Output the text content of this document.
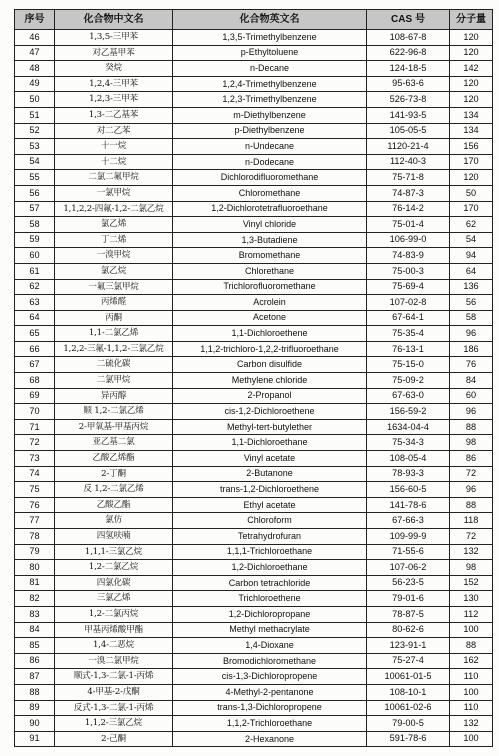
序号	化合物中文名	化合物英文名	CAS 号	分子量
46	1,3,5-三甲苯	1,3,5-Trimethylbenzene	108-67-8	120
47	对乙基甲苯	p-Ethyltoluene	622-96-8	120
48	癸烷	n-Decane	124-18-5	142
49	1,2,4-三甲苯	1,2,4-Trimethylbenzene	95-63-6	120
50	1,2,3-三甲苯	1,2,3-Trimethylbenzene	526-73-8	120
51	1,3-二乙基苯	m-Diethylbenzene	141-93-5	134
52	对二乙苯	p-Diethylbenzene	105-05-5	134
53	十一烷	n-Undecane	1120-21-4	156
54	十二烷	n-Dodecane	112-40-3	170
55	二氯二氟甲烷	Dichlorodifluoromethane	75-71-8	120
56	一氯甲烷	Chloromethane	74-87-3	50
57	1,1,2,2-四氟-1,2-二氯乙烷	1,2-Dichlorotetrafluoroethane	76-14-2	170
58	氯乙烯	Vinyl chloride	75-01-4	62
59	丁二烯	1,3-Butadiene	106-99-0	54
60	一溴甲烷	Bromomethane	74-83-9	94
61	氯乙烷	Chlorethane	75-00-3	64
62	一氟三氯甲烷	Trichlorofluoromethane	75-69-4	136
63	丙烯醛	Acrolein	107-02-8	56
64	丙酮	Acetone	67-64-1	58
65	1,1-二氯乙烯	1,1-Dichloroethene	75-35-4	96
66	1,2,2-三氟-1,1,2-三氯乙烷	1,1,2-trichloro-1,2,2-trifluoroethane	76-13-1	186
67	二硫化碳	Carbon disulfide	75-15-0	76
68	二氯甲烷	Methylene chloride	75-09-2	84
69	异丙醇	2-Propanol	67-63-0	60
70	顺 1,2-二氯乙烯	cis-1,2-Dichloroethene	156-59-2	96
71	2-甲氧基-甲基丙烷	Methyl-tert-butylether	1634-04-4	88
72	亚乙基二氯	1,1-Dichloroethane	75-34-3	98
73	乙酸乙烯酯	Vinyl acetate	108-05-4	86
74	2-丁酮	2-Butanone	78-93-3	72
75	反 1,2-二氯乙烯	trans-1,2-Dichloroethene	156-60-5	96
76	乙酸乙酯	Ethyl acetate	141-78-6	88
77	氯仿	Chloroform	67-66-3	118
78	四氢呋喃	Tetrahydrofuran	109-99-9	72
79	1,1,1-三氯乙烷	1,1,1-Trichloroethane	71-55-6	132
80	1,2-二氯乙烷	1,2-Dichloroethane	107-06-2	98
81	四氯化碳	Carbon tetrachloride	56-23-5	152
82	三氯乙烯	Trichloroethene	79-01-6	130
83	1,2-二氯丙烷	1,2-Dichloropropane	78-87-5	112
84	甲基丙烯酸甲酯	Methyl methacrylate	80-62-6	100
85	1,4-二恶烷	1,4-Dioxane	123-91-1	88
86	一溴二氯甲烷	Bromodichloromethane	75-27-4	162
87	顺式-1,3-二氯-1-丙烯	cis-1,3-Dichloropropene	10061-01-5	110
88	4-甲基-2-戊酮	4-Methyl-2-pentanone	108-10-1	100
89	反式-1,3-二氯-1-丙烯	trans-1,3-Dichloropropene	10061-02-6	110
90	1,1,2-三氯乙烷	1,1,2-Trichloroethane	79-00-5	132
91	2-己酮	2-Hexanone	591-78-6	100
